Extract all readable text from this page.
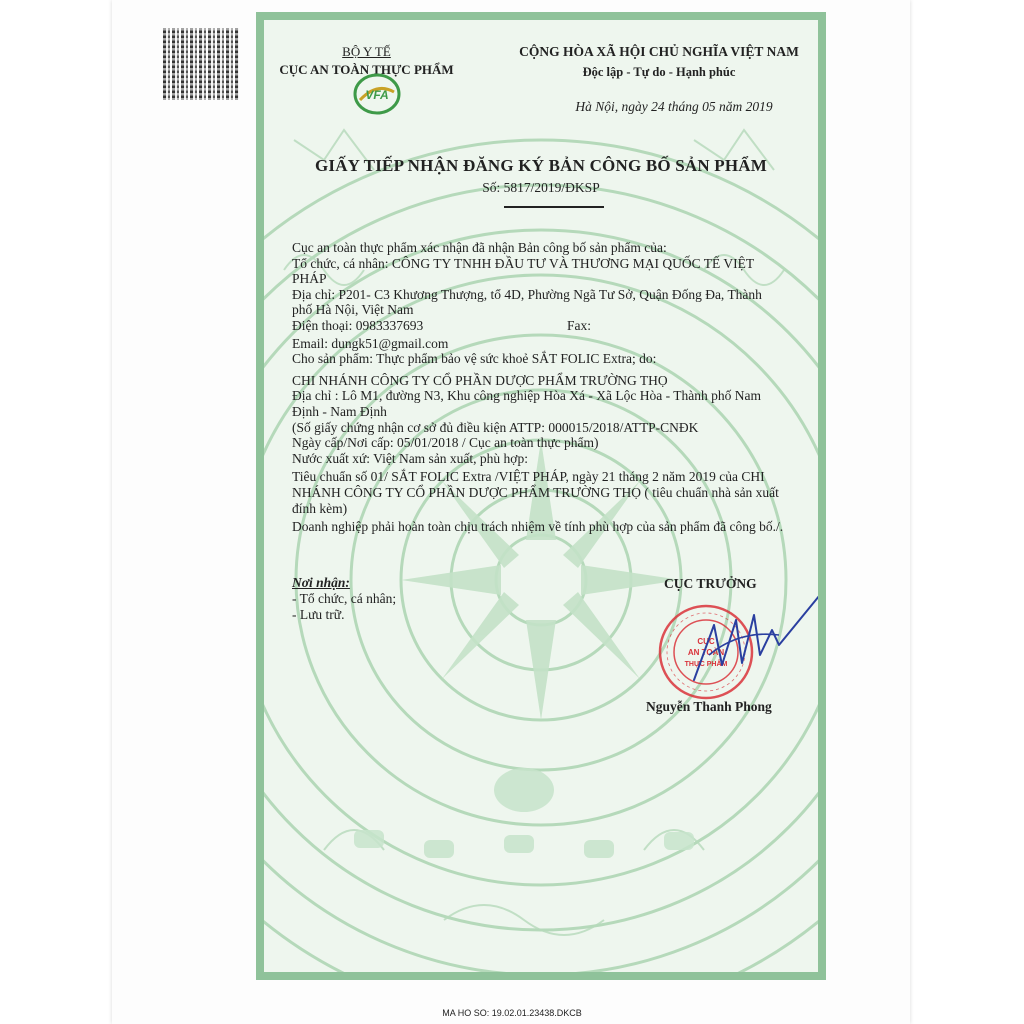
BỘ Y TẾ
CỤC AN TOÀN THỰC PHẨM
VFA
CỘNG HÒA XÃ HỘI CHỦ NGHĨA VIỆT NAM
Độc lập - Tự do - Hạnh phúc
Hà Nội, ngày 24 tháng 05 năm 2019
GIẤY TIẾP NHẬN ĐĂNG KÝ BẢN CÔNG BỐ SẢN PHẨM
Số: 5817/2019/ĐKSP
Cục an toàn thực phẩm xác nhận đã nhận Bản công bố sản phẩm của:
Tổ chức, cá nhân: CÔNG TY TNHH ĐẦU TƯ VÀ THƯƠNG MẠI QUỐC TẾ VIỆT
PHÁP
Địa chỉ: P201- C3 Khương Thượng, tổ 4D, Phường Ngã Tư Sở, Quận Đống Đa, Thành
phố Hà Nội, Việt Nam
Điện thoại: 0983337693	Fax:
Email: dungk51@gmail.com
Cho sản phẩm: Thực phẩm bảo vệ sức khoẻ SẮT FOLIC Extra; do:
CHI NHÁNH CÔNG TY CỔ PHẦN DƯỢC PHẨM TRƯỜNG THỌ
Địa chỉ : Lô M1, đường N3, Khu công nghiệp Hòa Xá - Xã Lộc Hòa - Thành phố Nam
Định - Nam Định
(Số giấy chứng nhận cơ sở đủ điều kiện ATTP: 000015/2018/ATTP-CNĐK
Ngày cấp/Nơi cấp: 05/01/2018 / Cục an toàn thực phẩm)
Nước xuất xứ: Việt Nam sản xuất, phù hợp:
Tiêu chuẩn số 01/ SẮT FOLIC Extra /VIỆT PHÁP, ngày 21 tháng 2 năm 2019 của CHI
NHÁNH CÔNG TY CỔ PHẦN DƯỢC PHẨM TRƯỜNG THỌ ( tiêu chuẩn nhà sản xuất
đính kèm)
Doanh nghiệp phải hoàn toàn chịu trách nhiệm về tính phù hợp của sản phẩm đã công bố./.
Nơi nhận:
- Tổ chức, cá nhân;
- Lưu trữ.
CỤC TRƯỞNG
CỤC
AN TOÀN
THỰC PHẨM
Nguyễn Thanh Phong
MA HO SO: 19.02.01.23438.DKCB
